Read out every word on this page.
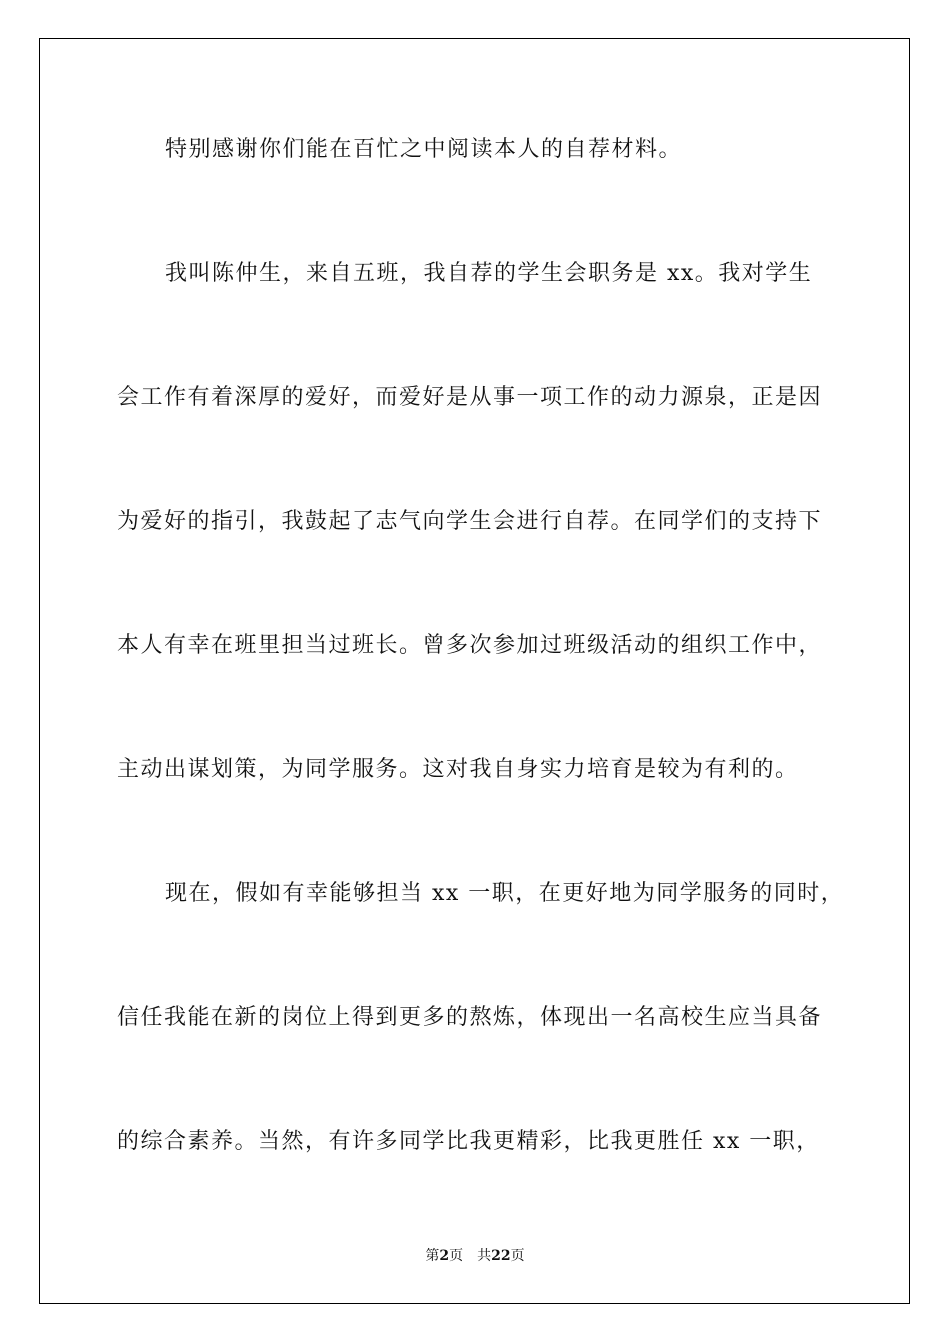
特别感谢你们能在百忙之中阅读本人的自荐材料。
我叫陈仲生，来自五班，我自荐的学生会职务是 xx。我对学生
会工作有着深厚的爱好，而爱好是从事一项工作的动力源泉，正是因
为爱好的指引，我鼓起了志气向学生会进行自荐。在同学们的支持下
本人有幸在班里担当过班长。曾多次参加过班级活动的组织工作中，
主动出谋划策，为同学服务。这对我自身实力培育是较为有利的。
现在，假如有幸能够担当 xx 一职，在更好地为同学服务的同时，
信任我能在新的岗位上得到更多的熬炼，体现出一名高校生应当具备
的综合素养。当然，有许多同学比我更精彩，比我更胜任 xx 一职，
第2页 共22页
